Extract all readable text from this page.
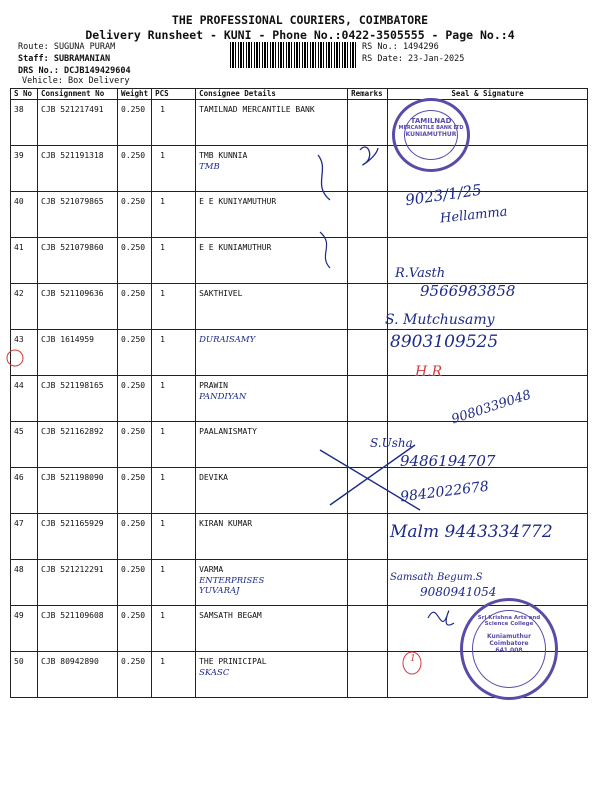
THE PROFESSIONAL COURIERS, COIMBATORE
Delivery Runsheet - KUNI - Phone No.:0422-3505555 - Page No.:4
Route: SUGUNA PURAM
Staff: SUBRAMANIAN
DRS No.: DCJB149429604
Vehicle: Box Delivery
RS No.: 1494296
RS Date: 23-Jan-2025
S No	Consignment No	Weight	PCS	Consignee Details	Remarks	Seal & Signature
38	CJB 521217491	0.250	1	TAMILNAD MERCANTILE BANK

39	CJB 521191318	0.250	1	TMB KUNNIA
TMB		

40	CJB 521079865	0.250	1	E E KUNIYAMUTHUR

41	CJB 521079860	0.250	1	E E KUNIAMUTHUR

42	CJB 521109636	0.250	1	SAKTHIVEL

43	CJB 1614959	0.250	1	DURAISAMY		

44	CJB 521198165	0.250	1	PRAWIN
PANDIYAN		

45	CJB 521162892	0.250	1	PAALANISMATY

46	CJB 521198090	0.250	1	DEVIKA

47	CJB 521165929	0.250	1	KIRAN KUMAR

48	CJB 521212291	0.250	1	VARMA
ENTERPRISES
YUVARAJ		

49	CJB 521109608	0.250	1	SAMSATH BEGAM

50	CJB 80942890	0.250	1	THE PRINICIPAL
SKASC		

TAMILNAD
MERCANTILE BANK LTD
KUNIAMUTHUR
Sri Krishna Arts and Science College
Kuniamuthur
Coimbatore
641 008
1
9023/1/25
Hellamma
R.Vasth
9566983858
S. Mutchusamy
8903109525
H.R
9080339048
S.Usha
9486194707
9842022678
Malm 9443334772
Samsath Begum.S
9080941054
